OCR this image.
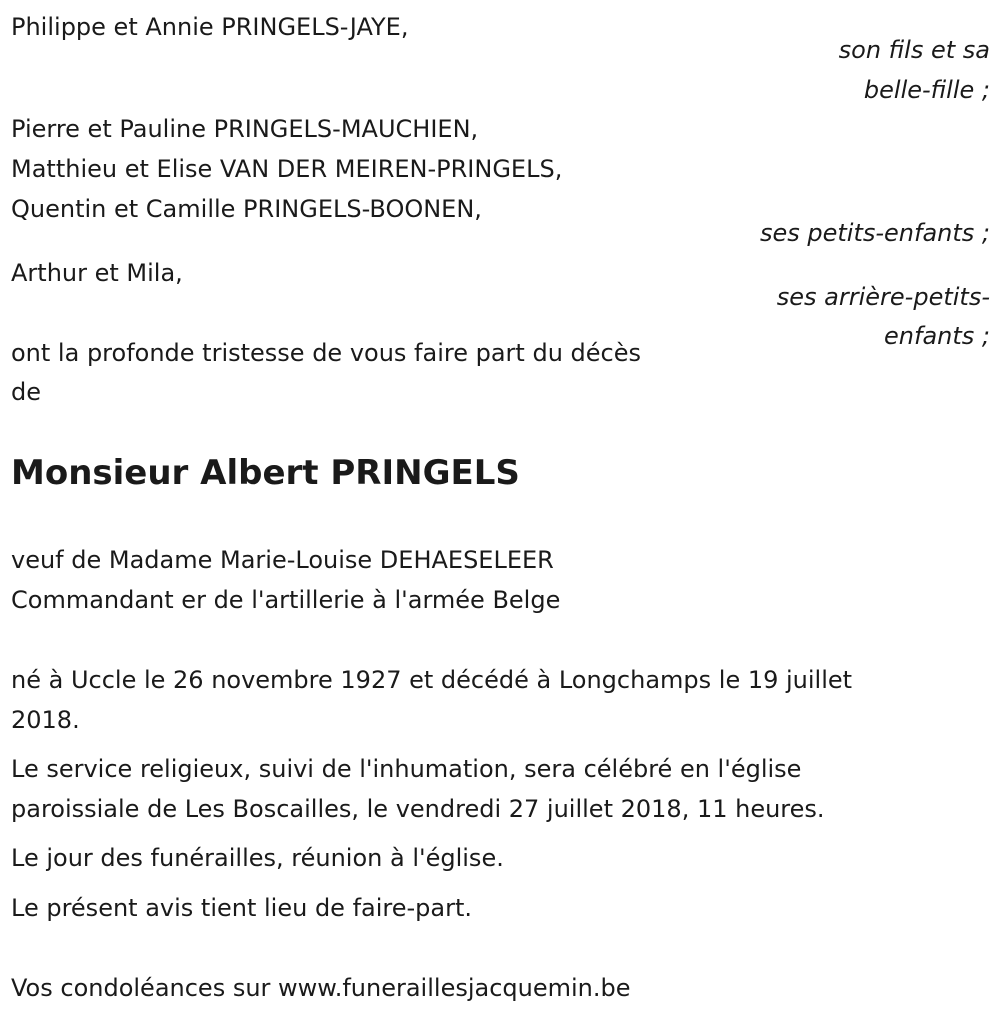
Philippe et Annie PRINGELS-JAYE,
son fils et sa
belle-fille ;
Pierre et Pauline PRINGELS-MAUCHIEN,
Matthieu et Elise VAN DER MEIREN-PRINGELS,
Quentin et Camille PRINGELS-BOONEN,
ses petits-enfants ;
Arthur et Mila,
ses arrière-petits-
enfants ;
ont la profonde tristesse de vous faire part du décès
de
Monsieur Albert PRINGELS
veuf de Madame Marie-Louise DEHAESELEER
Commandant er de l'artillerie à l'armée Belge
né à Uccle le 26 novembre 1927 et décédé à Longchamps le 19 juillet
2018.
Le service religieux, suivi de l'inhumation, sera célébré en l'église
paroissiale de Les Boscailles, le vendredi 27 juillet 2018, 11 heures.
Le jour des funérailles, réunion à l'église.
Le présent avis tient lieu de faire-part.
Vos condoléances sur www.funeraillesjacquemin.be
